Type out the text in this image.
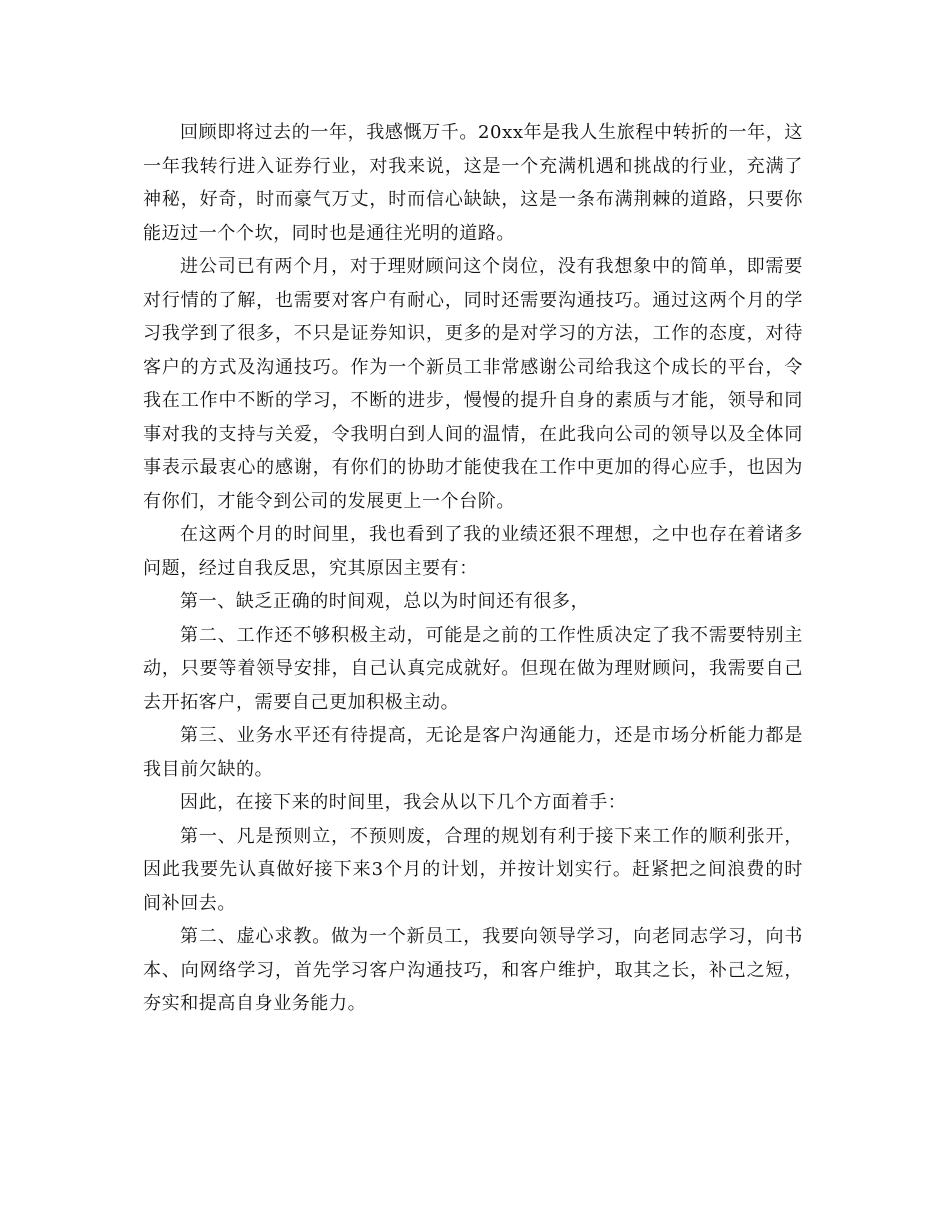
回顾即将过去的一年，我感慨万千。20xx年是我人生旅程中转折的一年，这一年我转行进入证券行业，对我来说，这是一个充满机遇和挑战的行业，充满了神秘，好奇，时而豪气万丈，时而信心缺缺，这是一条布满荆棘的道路，只要你能迈过一个个坎，同时也是通往光明的道路。

进公司已有两个月，对于理财顾问这个岗位，没有我想象中的简单，即需要对行情的了解，也需要对客户有耐心，同时还需要沟通技巧。通过这两个月的学习我学到了很多，不只是证券知识，更多的是对学习的方法，工作的态度，对待客户的方式及沟通技巧。作为一个新员工非常感谢公司给我这个成长的平台，令我在工作中不断的学习，不断的进步，慢慢的提升自身的素质与才能，领导和同事对我的支持与关爱，令我明白到人间的温情，在此我向公司的领导以及全体同事表示最衷心的感谢，有你们的协助才能使我在工作中更加的得心应手，也因为有你们，才能令到公司的发展更上一个台阶。

在这两个月的时间里，我也看到了我的业绩还狠不理想，之中也存在着诸多问题，经过自我反思，究其原因主要有：

第一、缺乏正确的时间观，总以为时间还有很多，

第二、工作还不够积极主动，可能是之前的工作性质决定了我不需要特别主动，只要等着领导安排，自己认真完成就好。但现在做为理财顾问，我需要自己去开拓客户，需要自己更加积极主动。

第三、业务水平还有待提高，无论是客户沟通能力，还是市场分析能力都是我目前欠缺的。

因此，在接下来的时间里，我会从以下几个方面着手：

第一、凡是预则立，不预则废，合理的规划有利于接下来工作的顺利张开，因此我要先认真做好接下来3个月的计划，并按计划实行。赶紧把之间浪费的时间补回去。

第二、虚心求教。做为一个新员工，我要向领导学习，向老同志学习，向书本、向网络学习，首先学习客户沟通技巧，和客户维护，取其之长，补己之短，夯实和提高自身业务能力。
